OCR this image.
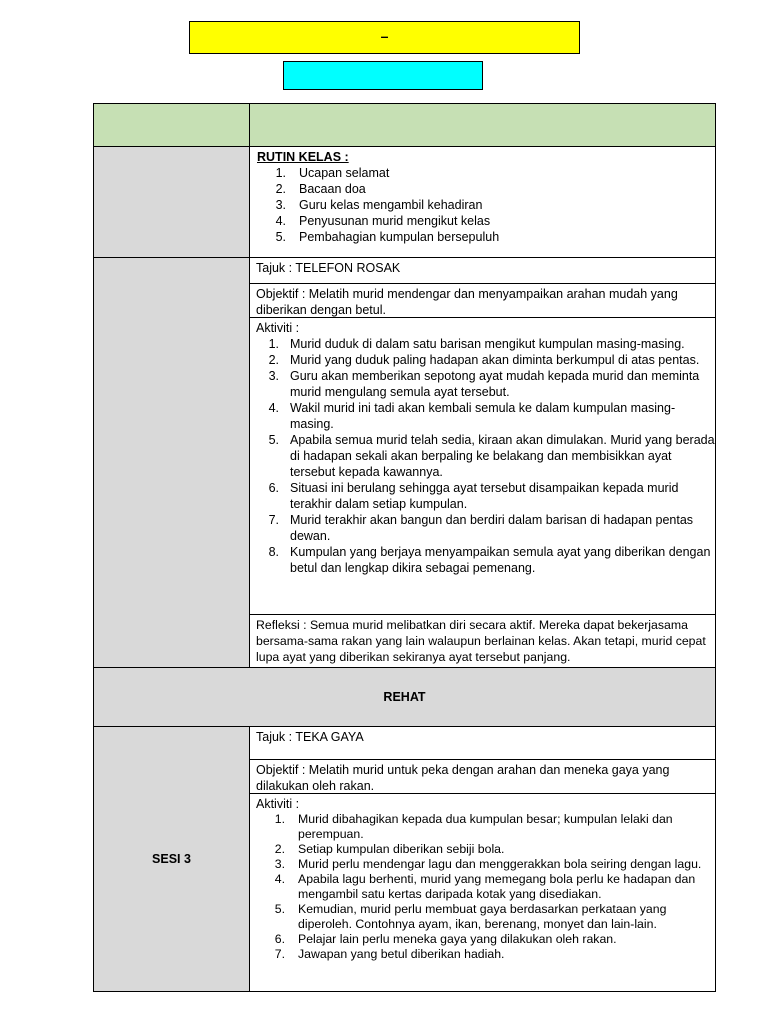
–
RUTIN KELAS :
1. Ucapan selamat
2. Bacaan doa
3. Guru kelas mengambil kehadiran
4. Penyusunan murid mengikut kelas
5. Pembahagian kumpulan bersepuluh
Tajuk : TELEFON ROSAK
Objektif : Melatih murid mendengar dan menyampaikan arahan mudah yang diberikan dengan betul.
Aktiviti :
1. Murid duduk di dalam satu barisan mengikut kumpulan masing-masing.
2. Murid yang duduk paling hadapan akan diminta berkumpul di atas pentas.
3. Guru akan memberikan sepotong ayat mudah kepada murid dan meminta murid mengulang semula ayat tersebut.
4. Wakil murid ini tadi akan kembali semula ke dalam kumpulan masing-masing.
5. Apabila semua murid telah sedia, kiraan akan dimulakan. Murid yang berada di hadapan sekali akan berpaling ke belakang dan membisikkan ayat tersebut kepada kawannya.
6. Situasi ini berulang sehingga ayat tersebut disampaikan kepada murid terakhir dalam setiap kumpulan.
7. Murid terakhir akan bangun dan berdiri dalam barisan di hadapan pentas dewan.
8. Kumpulan yang berjaya menyampaikan semula ayat yang diberikan dengan betul dan lengkap dikira sebagai pemenang.
Refleksi : Semua murid melibatkan diri secara aktif. Mereka dapat bekerjasama bersama-sama rakan yang lain walaupun berlainan kelas. Akan tetapi, murid cepat lupa ayat yang diberikan sekiranya ayat tersebut panjang.
REHAT
SESI 3
Tajuk : TEKA GAYA
Objektif : Melatih murid untuk peka dengan arahan dan meneka gaya yang dilakukan oleh rakan.
Aktiviti :
1. Murid dibahagikan kepada dua kumpulan besar; kumpulan lelaki dan perempuan.
2. Setiap kumpulan diberikan sebiji bola.
3. Murid perlu mendengar lagu dan menggerakkan bola seiring dengan lagu.
4. Apabila lagu berhenti, murid yang memegang bola perlu ke hadapan dan mengambil satu kertas daripada kotak yang disediakan.
5. Kemudian, murid perlu membuat gaya berdasarkan perkataan yang diperoleh. Contohnya ayam, ikan, berenang, monyet dan lain-lain.
6. Pelajar lain perlu meneka gaya yang dilakukan oleh rakan.
7. Jawapan yang betul diberikan hadiah.
